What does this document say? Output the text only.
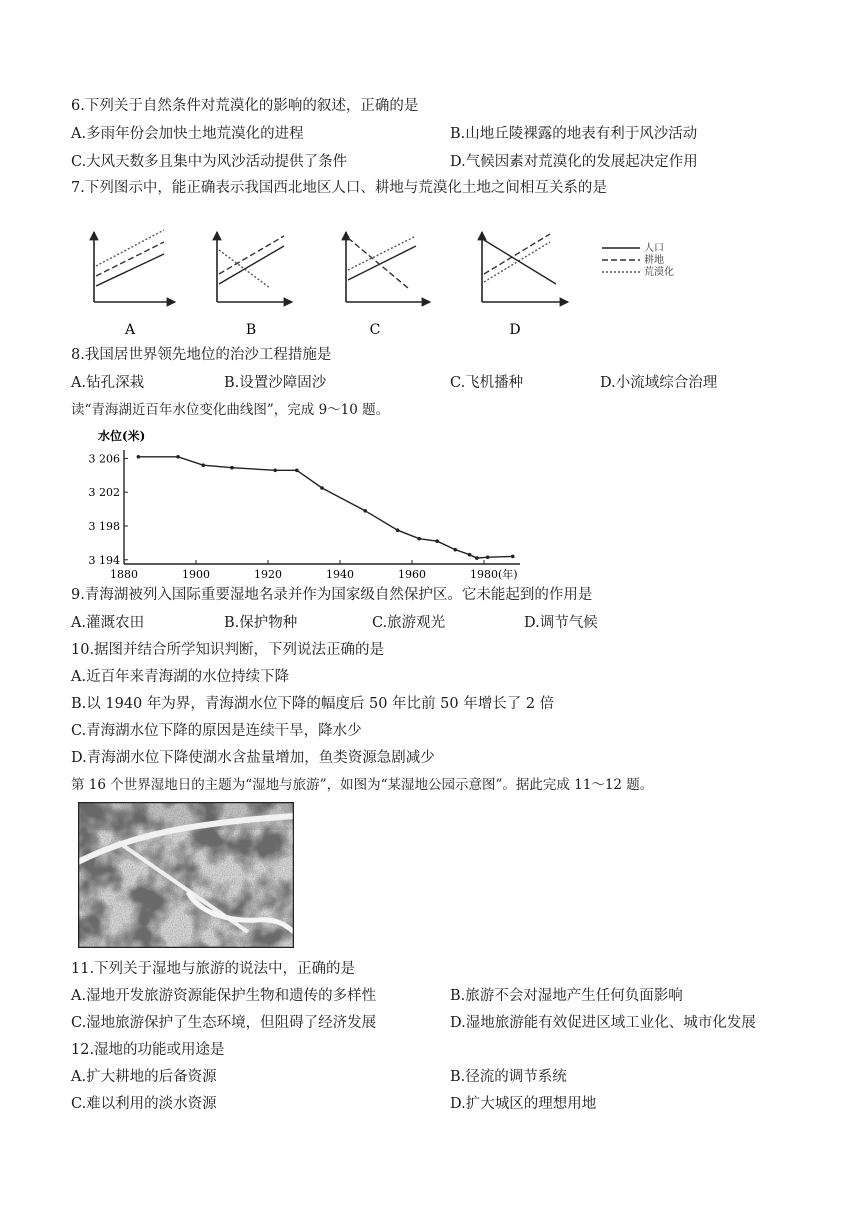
6.下列关于自然条件对荒漠化的影响的叙述，正确的是
A.多雨年份会加快土地荒漠化的进程	B.山地丘陵裸露的地表有利于风沙活动
C.大风天数多且集中为风沙活动提供了条件	D.气候因素对荒漠化的发展起决定作用
7.下列图示中，能正确表示我国西北地区人口、耕地与荒漠化土地之间相互关系的是
人口
耕地
荒漠化
A	B	C	D
8.我国居世界领先地位的治沙工程措施是
A.钻孔深栽	B.设置沙障固沙	C.飞机播种	D.小流域综合治理
读“青海湖近百年水位变化曲线图”，完成 9～10 题。
水位(米)
1880	1900	1920	1940	1960	1980
3 206
3 202
3 198
3 194
(年)
9.青海湖被列入国际重要湿地名录并作为国家级自然保护区。它未能起到的作用是
A.灌溉农田	B.保护物种	C.旅游观光	D.调节气候
10.据图并结合所学知识判断，下列说法正确的是
A.近百年来青海湖的水位持续下降
B.以 1940 年为界，青海湖水位下降的幅度后 50 年比前 50 年增长了 2 倍
C.青海湖水位下降的原因是连续干旱，降水少
D.青海湖水位下降使湖水含盐量增加，鱼类资源急剧减少
第 16 个世界湿地日的主题为“湿地与旅游”，如图为“某湿地公园示意图”。据此完成 11～12 题。
11.下列关于湿地与旅游的说法中，正确的是
A.湿地开发旅游资源能保护生物和遗传的多样性	B.旅游不会对湿地产生任何负面影响
C.湿地旅游保护了生态环境，但阻碍了经济发展	D.湿地旅游能有效促进区域工业化、城市化发展
12.湿地的功能或用途是
A.扩大耕地的后备资源	B.径流的调节系统
C.难以利用的淡水资源	D.扩大城区的理想用地
